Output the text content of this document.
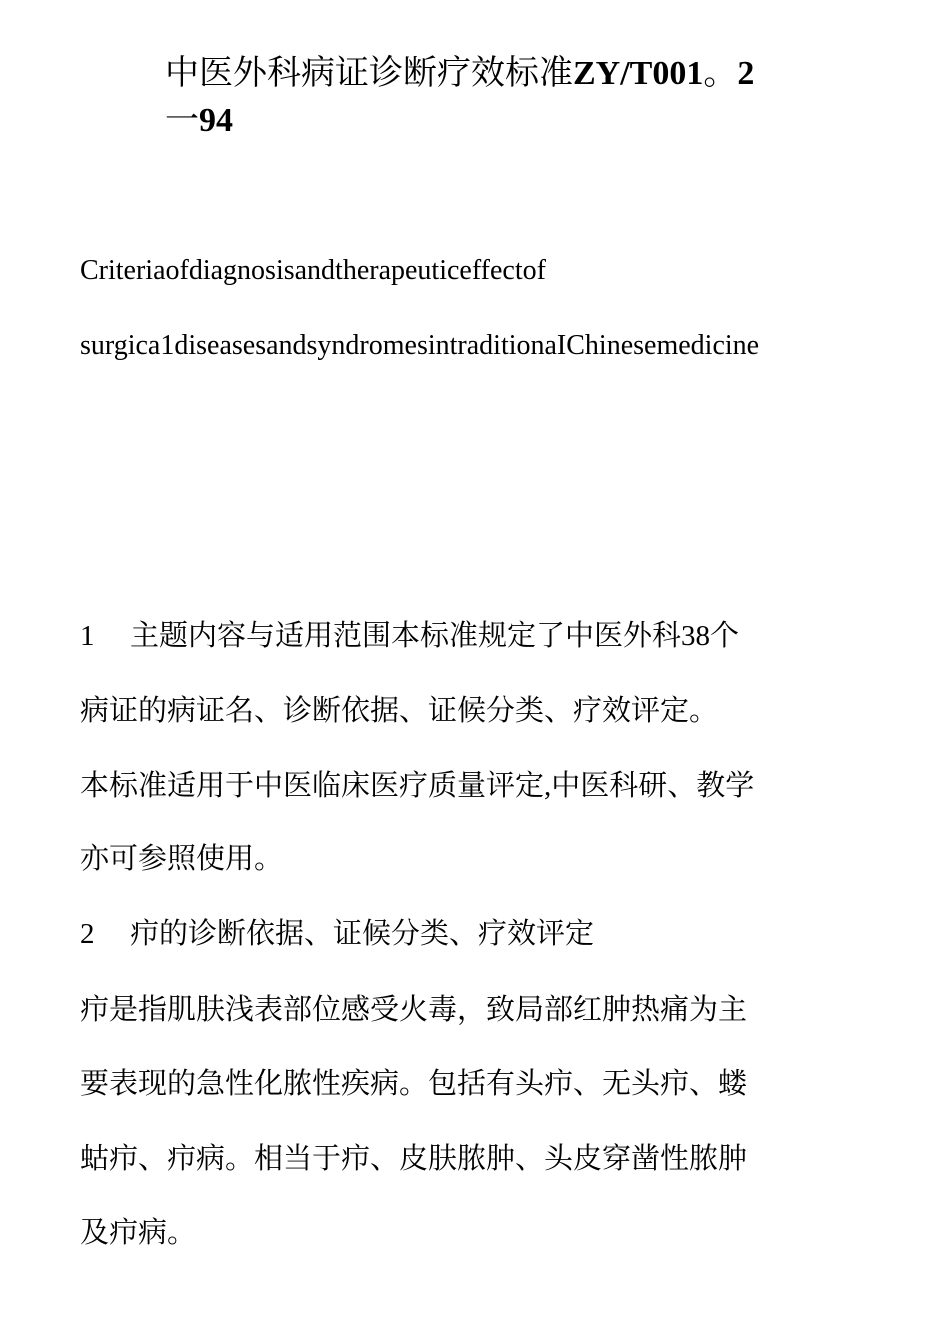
中医外科病证诊断疗效标准ZY/T001。2
一94
Criteriaofdiagnosisandtherapeuticeffectof
surgica1diseasesandsyndromesintraditionaIChinesemedicine
1 主题内容与适用范围本标准规定了中医外科38个
病证的病证名、诊断依据、证候分类、疗效评定。
本标准适用于中医临床医疗质量评定,中医科研、教学
亦可参照使用。
2 疖的诊断依据、证候分类、疗效评定
疖是指肌肤浅表部位感受火毒，致局部红肿热痛为主
要表现的急性化脓性疾病。包括有头疖、无头疖、蝼
蛄疖、疖病。相当于疖、皮肤脓肿、头皮穿凿性脓肿
及疖病。
